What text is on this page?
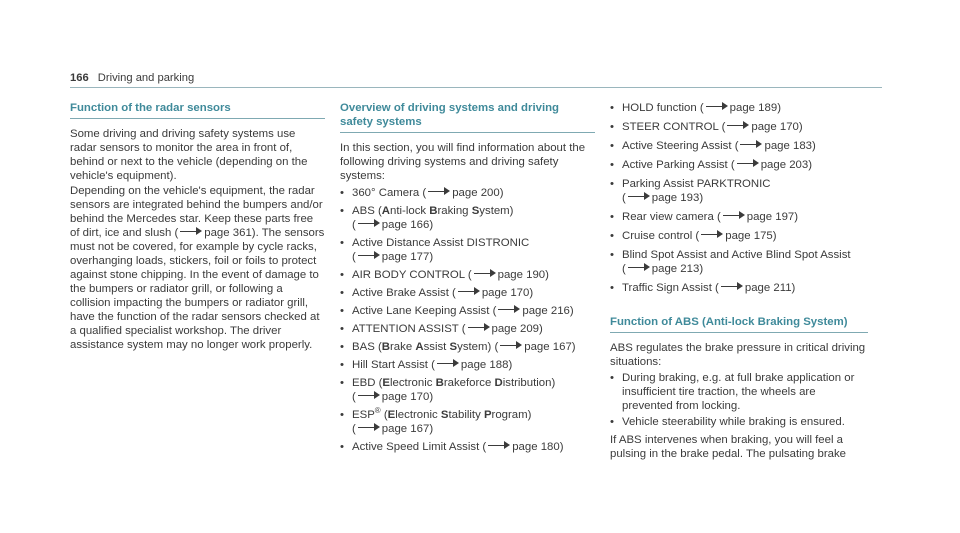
166 Driving and parking
Function of the radar sensors

Some driving and driving safety systems use radar sensors to monitor the area in front of, behind or next to the vehicle (depending on the vehicle's equipment).

Depending on the vehicle's equipment, the radar sensors are integrated behind the bumpers and/or behind the Mercedes star. Keep these parts free of dirt, ice and slush ( page 361). The sensors must not be covered, for example by cycle racks, overhanging loads, stickers, foil or foils to protect against stone chipping. In the event of damage to the bumpers or radiator grill, or following a collision impacting the bumpers or radiator grill, have the function of the radar sensors checked at a qualified specialist workshop. The driver assistance system may no longer work properly.

Overview of driving systems and driving safety systems

In this section, you will find information about the following driving systems and driving safety systems:

• 360° Camera ( page 200)
• ABS (Anti-lock Braking System)
( page 166)
• Active Distance Assist DISTRONIC
( page 177)
• AIR BODY CONTROL ( page 190)
• Active Brake Assist ( page 170)
• Active Lane Keeping Assist ( page 216)
• ATTENTION ASSIST ( page 209)
• BAS (Brake Assist System) ( page 167)
• Hill Start Assist ( page 188)
• EBD (Electronic Brakeforce Distribution)
( page 170)
• ESP® (Electronic Stability Program)
( page 167)
• Active Speed Limit Assist ( page 180)
• HOLD function ( page 189)
• STEER CONTROL ( page 170)
• Active Steering Assist ( page 183)
• Active Parking Assist ( page 203)
• Parking Assist PARKTRONIC
( page 193)
• Rear view camera ( page 197)
• Cruise control ( page 175)
• Blind Spot Assist and Active Blind Spot Assist
( page 213)
• Traffic Sign Assist ( page 211)
Function of ABS (Anti-lock Braking System)

ABS regulates the brake pressure in critical driving situations:

• During braking, e.g. at full brake application or insufficient tire traction, the wheels are prevented from locking.
• Vehicle steerability while braking is ensured.

If ABS intervenes when braking, you will feel a pulsing in the brake pedal. The pulsating brake
